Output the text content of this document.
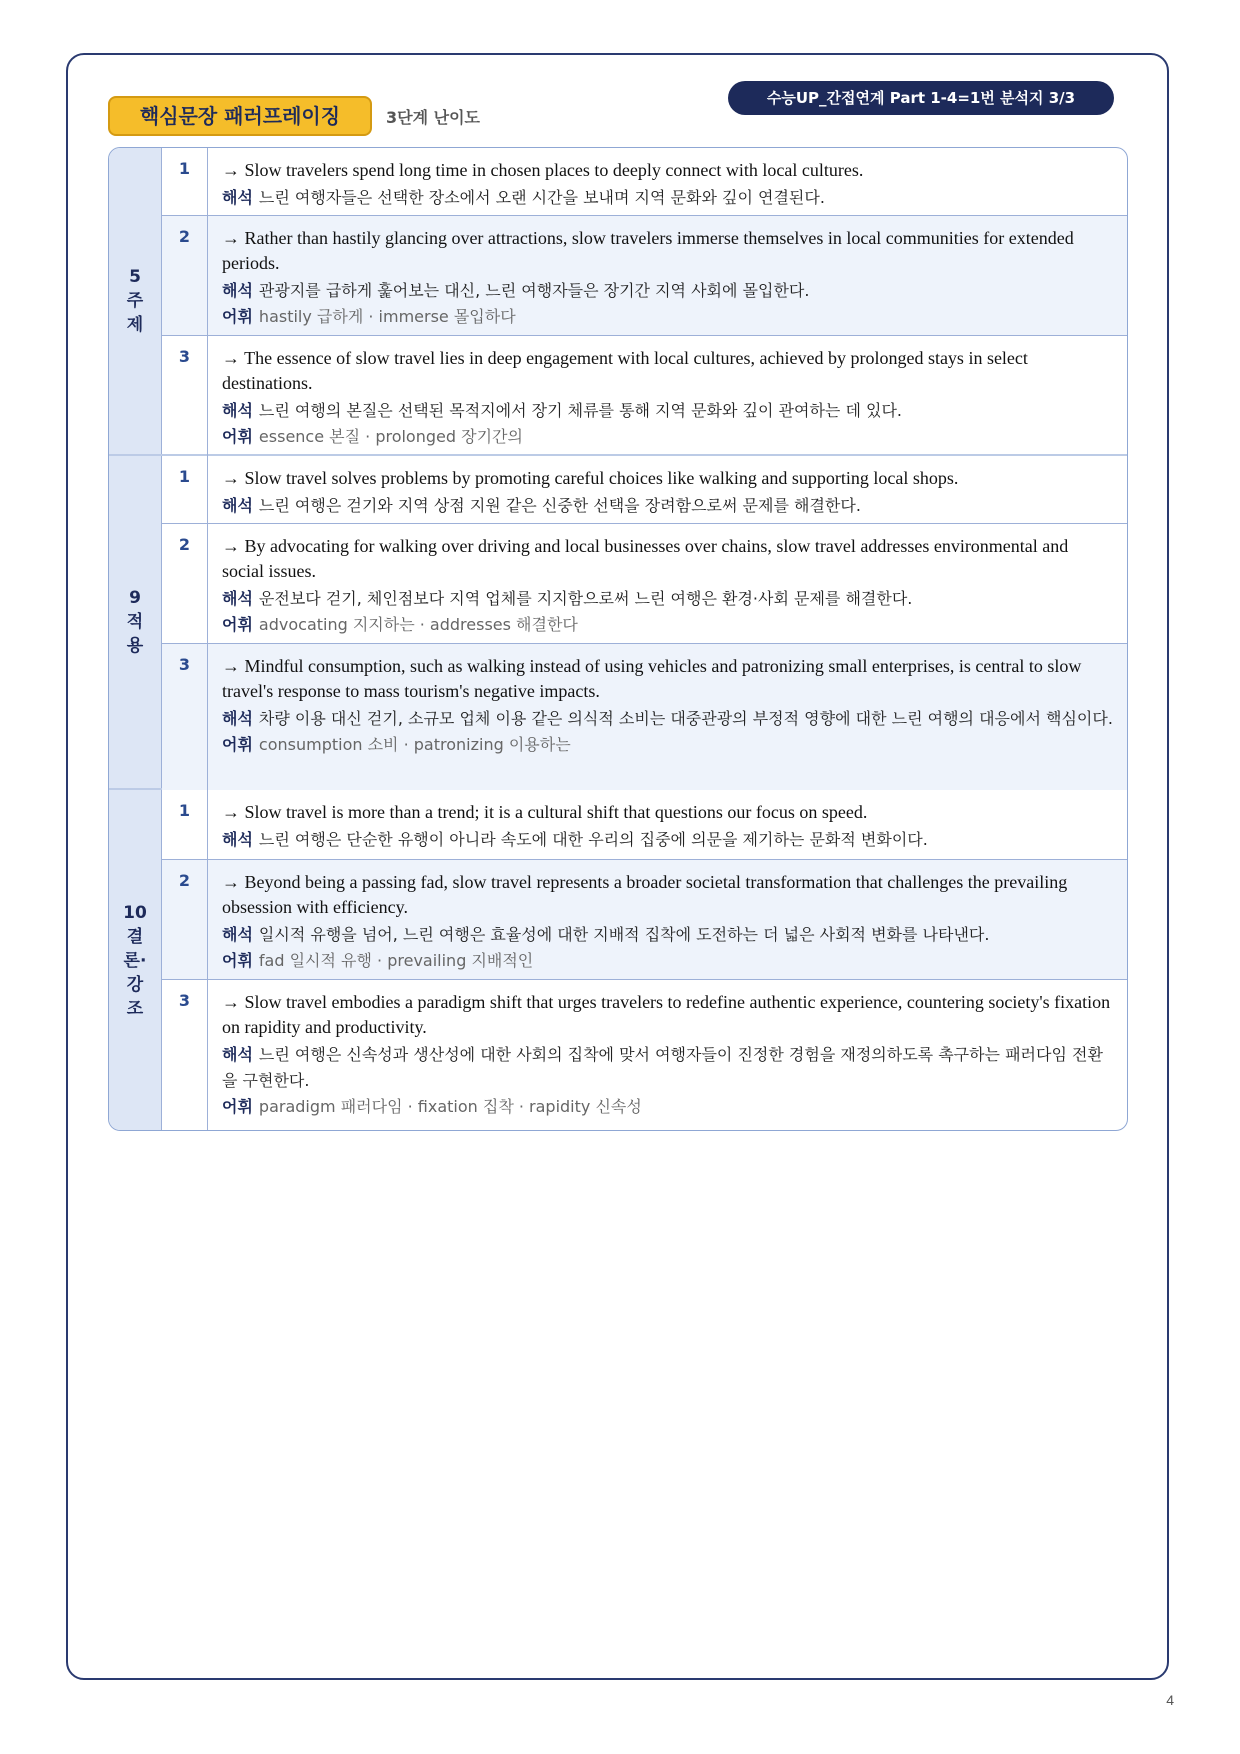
핵심문장 패러프레이징	3단계 난이도
수능UP_간접연계 Part 1-4=1번 분석지 3/3
5
주
제
1	→ Slow travelers spend long time in chosen places to deeply connect with local cultures.
해석 느린 여행자들은 선택한 장소에서 오랜 시간을 보내며 지역 문화와 깊이 연결된다.
2	→ Rather than hastily glancing over attractions, slow travelers immerse themselves in local communities for extended periods.
해석 관광지를 급하게 훑어보는 대신, 느린 여행자들은 장기간 지역 사회에 몰입한다.
어휘 hastily 급하게 · immerse 몰입하다
3	→ The essence of slow travel lies in deep engagement with local cultures, achieved by prolonged stays in select destinations.
해석 느린 여행의 본질은 선택된 목적지에서 장기 체류를 통해 지역 문화와 깊이 관여하는 데 있다.
어휘 essence 본질 · prolonged 장기간의
9
적
용
1	→ Slow travel solves problems by promoting careful choices like walking and supporting local shops.
해석 느린 여행은 걷기와 지역 상점 지원 같은 신중한 선택을 장려함으로써 문제를 해결한다.
2	→ By advocating for walking over driving and local businesses over chains, slow travel addresses environmental and social issues.
해석 운전보다 걷기, 체인점보다 지역 업체를 지지함으로써 느린 여행은 환경·사회 문제를 해결한다.
어휘 advocating 지지하는 · addresses 해결한다
3	→ Mindful consumption, such as walking instead of using vehicles and patronizing small enterprises, is central to slow travel's response to mass tourism's negative impacts.
해석 차량 이용 대신 걷기, 소규모 업체 이용 같은 의식적 소비는 대중관광의 부정적 영향에 대한 느린 여행의 대응에서 핵심이다.
어휘 consumption 소비 · patronizing 이용하는
10
결
론·
강
조
1	→ Slow travel is more than a trend; it is a cultural shift that questions our focus on speed.
해석 느린 여행은 단순한 유행이 아니라 속도에 대한 우리의 집중에 의문을 제기하는 문화적 변화이다.
2	→ Beyond being a passing fad, slow travel represents a broader societal transformation that challenges the prevailing obsession with efficiency.
해석 일시적 유행을 넘어, 느린 여행은 효율성에 대한 지배적 집착에 도전하는 더 넓은 사회적 변화를 나타낸다.
어휘 fad 일시적 유행 · prevailing 지배적인
3	→ Slow travel embodies a paradigm shift that urges travelers to redefine authentic experience, countering society's fixation on rapidity and productivity.
해석 느린 여행은 신속성과 생산성에 대한 사회의 집착에 맞서 여행자들이 진정한 경험을 재정의하도록 촉구하는 패러다임 전환을 구현한다.
어휘 paradigm 패러다임 · fixation 집착 · rapidity 신속성
4
